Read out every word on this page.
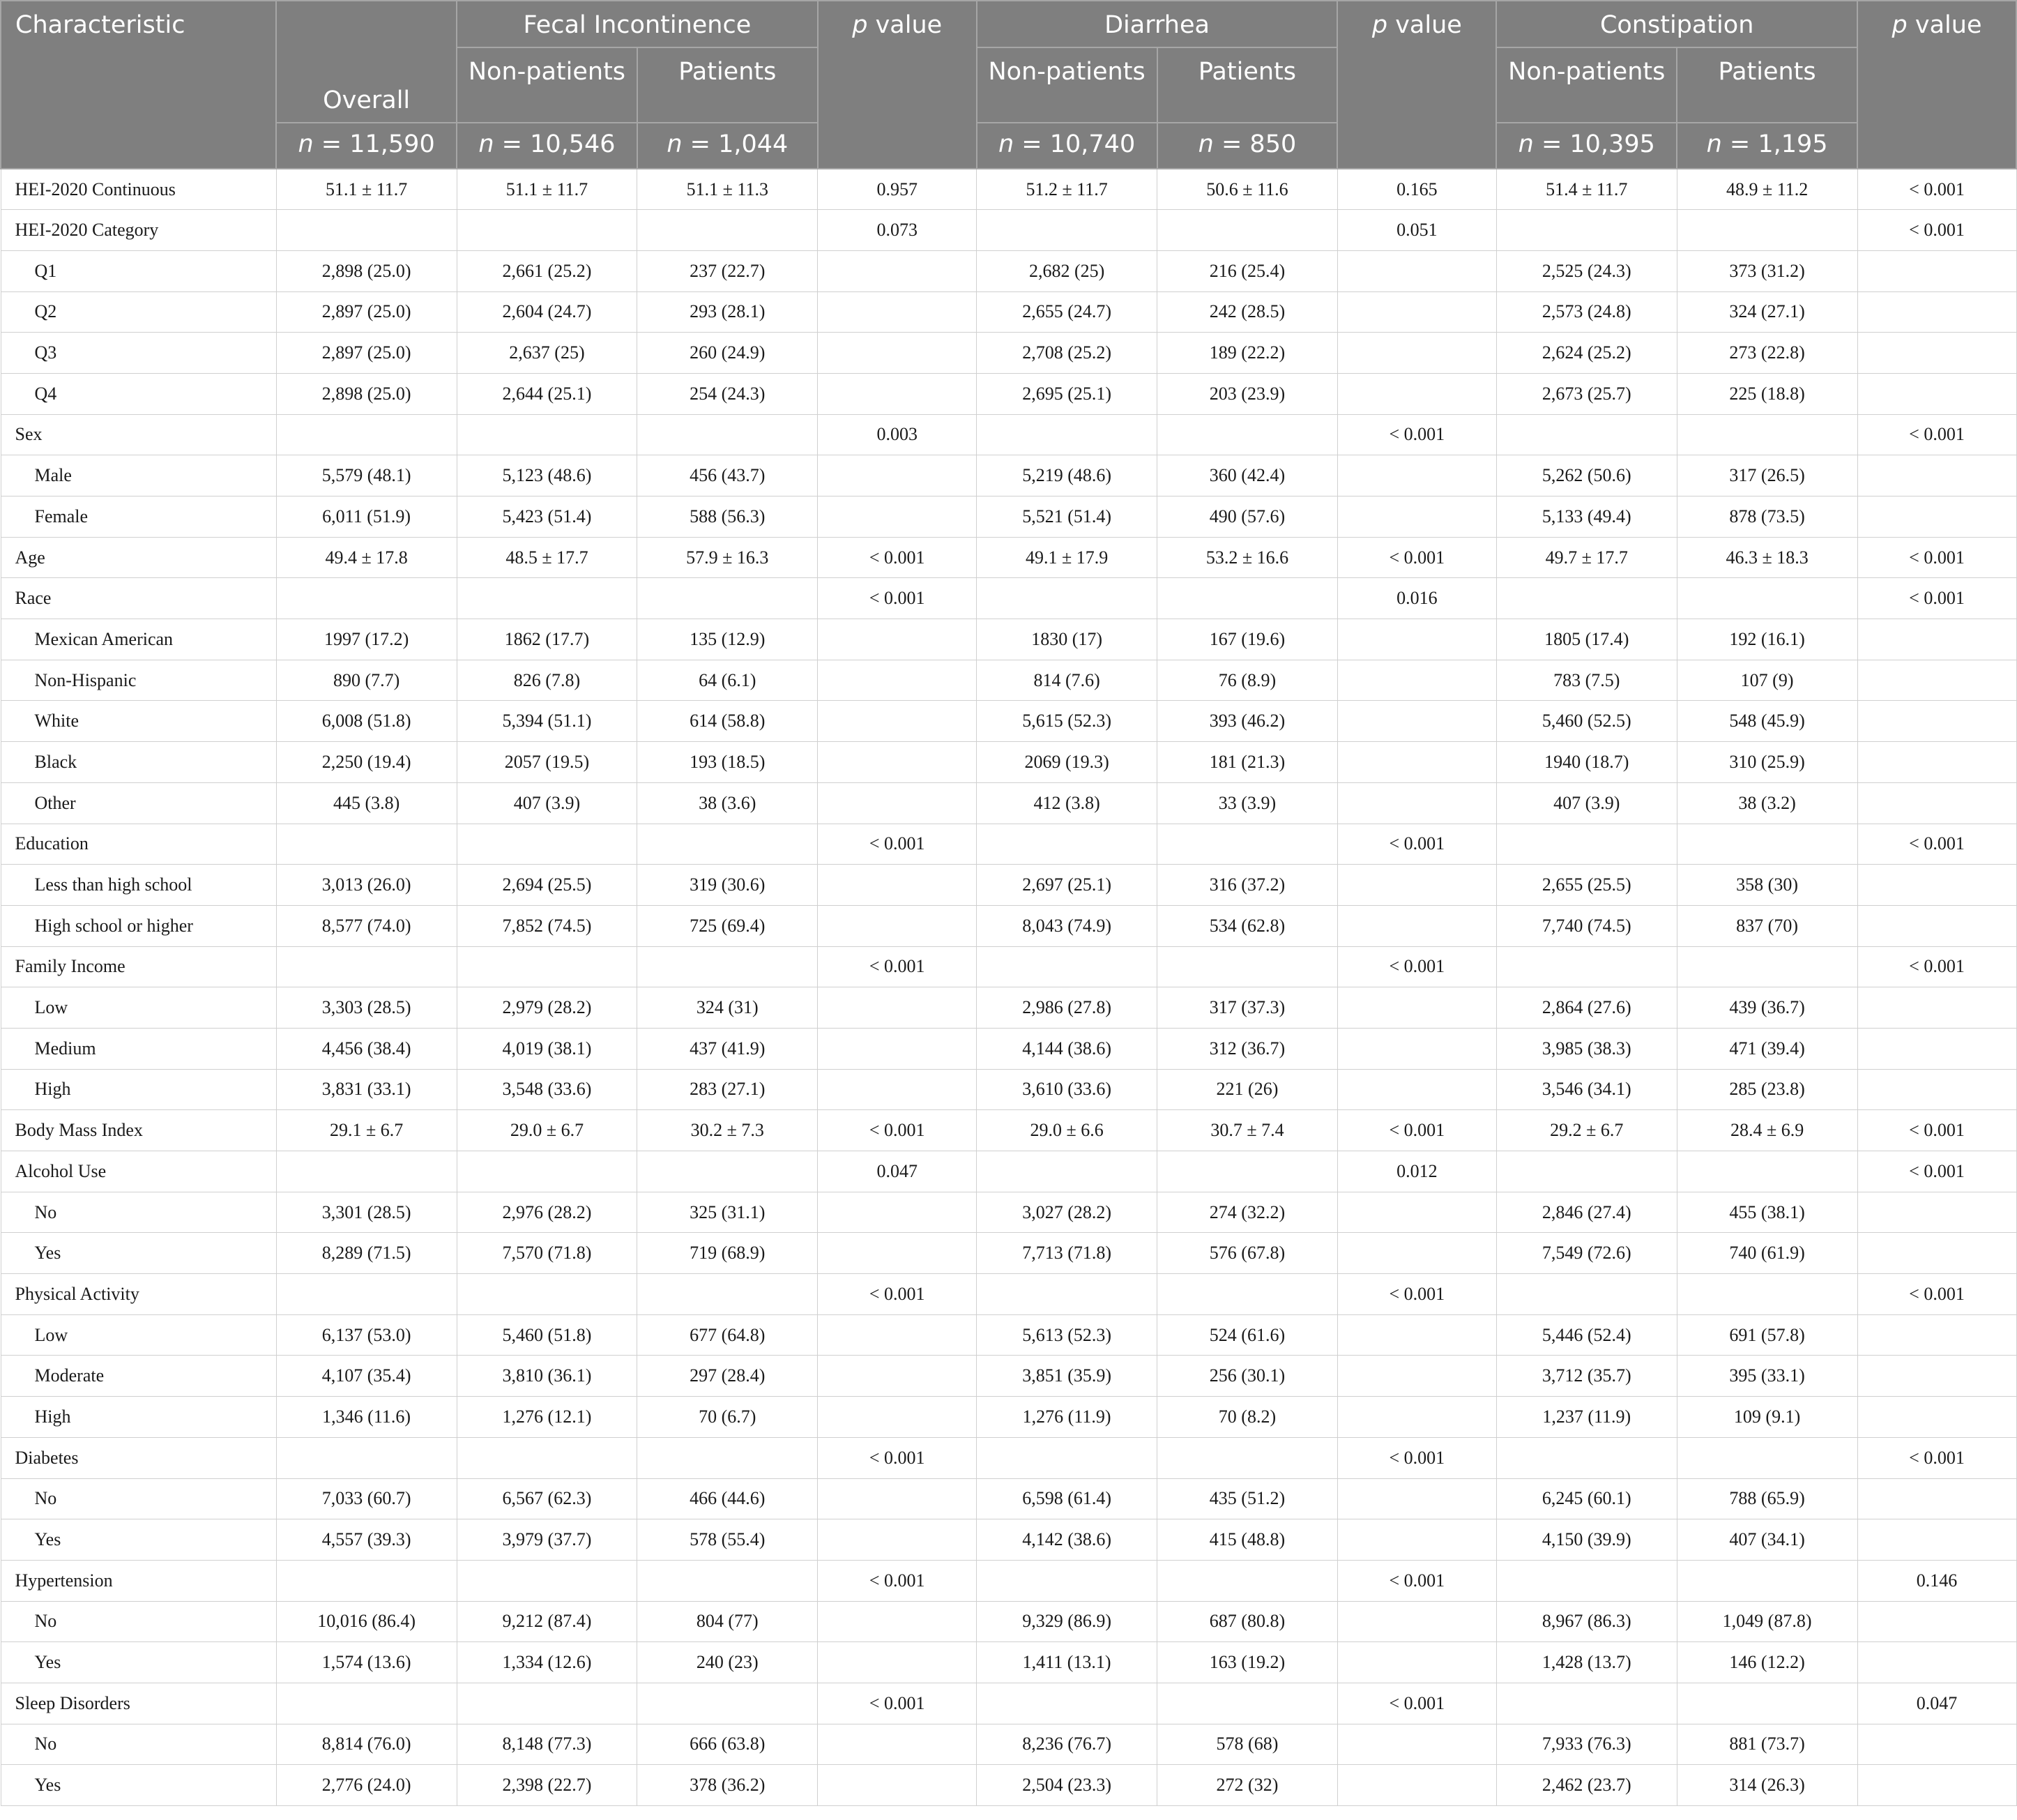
Characteristic	Overall	Fecal Incontinence		p value	Diarrhea		p value	Constipation		p value
		Non-patients	Patients		Non-patients	Patients		Non-patients	Patients	
	n = 11,590	n = 10,546	n = 1,044		n = 10,740	n = 850		n = 10,395	n = 1,195	
HEI-2020 Continuous	51.1 ± 11.7	51.1 ± 11.7	51.1 ± 11.3	0.957	51.2 ± 11.7	50.6 ± 11.6	0.165	51.4 ± 11.7	48.9 ± 11.2	< 0.001
HEI-2020 Category				0.073			0.051			< 0.001
Q1	2,898 (25.0)	2,661 (25.2)	237 (22.7)		2,682 (25)	216 (25.4)		2,525 (24.3)	373 (31.2)	
Q2	2,897 (25.0)	2,604 (24.7)	293 (28.1)		2,655 (24.7)	242 (28.5)		2,573 (24.8)	324 (27.1)	
Q3	2,897 (25.0)	2,637 (25)	260 (24.9)		2,708 (25.2)	189 (22.2)		2,624 (25.2)	273 (22.8)	
Q4	2,898 (25.0)	2,644 (25.1)	254 (24.3)		2,695 (25.1)	203 (23.9)		2,673 (25.7)	225 (18.8)	
Sex				0.003			< 0.001			< 0.001
Male	5,579 (48.1)	5,123 (48.6)	456 (43.7)		5,219 (48.6)	360 (42.4)		5,262 (50.6)	317 (26.5)	
Female	6,011 (51.9)	5,423 (51.4)	588 (56.3)		5,521 (51.4)	490 (57.6)		5,133 (49.4)	878 (73.5)	
Age	49.4 ± 17.8	48.5 ± 17.7	57.9 ± 16.3	< 0.001	49.1 ± 17.9	53.2 ± 16.6	< 0.001	49.7 ± 17.7	46.3 ± 18.3	< 0.001
Race				< 0.001			0.016			< 0.001
Mexican American	1997 (17.2)	1862 (17.7)	135 (12.9)		1830 (17)	167 (19.6)		1805 (17.4)	192 (16.1)	
Non-Hispanic	890 (7.7)	826 (7.8)	64 (6.1)		814 (7.6)	76 (8.9)		783 (7.5)	107 (9)	
White	6,008 (51.8)	5,394 (51.1)	614 (58.8)		5,615 (52.3)	393 (46.2)		5,460 (52.5)	548 (45.9)	
Black	2,250 (19.4)	2057 (19.5)	193 (18.5)		2069 (19.3)	181 (21.3)		1940 (18.7)	310 (25.9)	
Other	445 (3.8)	407 (3.9)	38 (3.6)		412 (3.8)	33 (3.9)		407 (3.9)	38 (3.2)	
Education				< 0.001			< 0.001			< 0.001
Less than high school	3,013 (26.0)	2,694 (25.5)	319 (30.6)		2,697 (25.1)	316 (37.2)		2,655 (25.5)	358 (30)	
High school or higher	8,577 (74.0)	7,852 (74.5)	725 (69.4)		8,043 (74.9)	534 (62.8)		7,740 (74.5)	837 (70)	
Family Income				< 0.001			< 0.001			< 0.001
Low	3,303 (28.5)	2,979 (28.2)	324 (31)		2,986 (27.8)	317 (37.3)		2,864 (27.6)	439 (36.7)	
Medium	4,456 (38.4)	4,019 (38.1)	437 (41.9)		4,144 (38.6)	312 (36.7)		3,985 (38.3)	471 (39.4)	
High	3,831 (33.1)	3,548 (33.6)	283 (27.1)		3,610 (33.6)	221 (26)		3,546 (34.1)	285 (23.8)	
Body Mass Index	29.1 ± 6.7	29.0 ± 6.7	30.2 ± 7.3	< 0.001	29.0 ± 6.6	30.7 ± 7.4	< 0.001	29.2 ± 6.7	28.4 ± 6.9	< 0.001
Alcohol Use				0.047			0.012			< 0.001
No	3,301 (28.5)	2,976 (28.2)	325 (31.1)		3,027 (28.2)	274 (32.2)		2,846 (27.4)	455 (38.1)	
Yes	8,289 (71.5)	7,570 (71.8)	719 (68.9)		7,713 (71.8)	576 (67.8)		7,549 (72.6)	740 (61.9)	
Physical Activity				< 0.001			< 0.001			< 0.001
Low	6,137 (53.0)	5,460 (51.8)	677 (64.8)		5,613 (52.3)	524 (61.6)		5,446 (52.4)	691 (57.8)	
Moderate	4,107 (35.4)	3,810 (36.1)	297 (28.4)		3,851 (35.9)	256 (30.1)		3,712 (35.7)	395 (33.1)	
High	1,346 (11.6)	1,276 (12.1)	70 (6.7)		1,276 (11.9)	70 (8.2)		1,237 (11.9)	109 (9.1)	
Diabetes				< 0.001			< 0.001			< 0.001
No	7,033 (60.7)	6,567 (62.3)	466 (44.6)		6,598 (61.4)	435 (51.2)		6,245 (60.1)	788 (65.9)	
Yes	4,557 (39.3)	3,979 (37.7)	578 (55.4)		4,142 (38.6)	415 (48.8)		4,150 (39.9)	407 (34.1)	
Hypertension				< 0.001			< 0.001			0.146
No	10,016 (86.4)	9,212 (87.4)	804 (77)		9,329 (86.9)	687 (80.8)		8,967 (86.3)	1,049 (87.8)	
Yes	1,574 (13.6)	1,334 (12.6)	240 (23)		1,411 (13.1)	163 (19.2)		1,428 (13.7)	146 (12.2)	
Sleep Disorders				< 0.001			< 0.001			0.047
No	8,814 (76.0)	8,148 (77.3)	666 (63.8)		8,236 (76.7)	578 (68)		7,933 (76.3)	881 (73.7)	
Yes	2,776 (24.0)	2,398 (22.7)	378 (36.2)		2,504 (23.3)	272 (32)		2,462 (23.7)	314 (26.3)	
